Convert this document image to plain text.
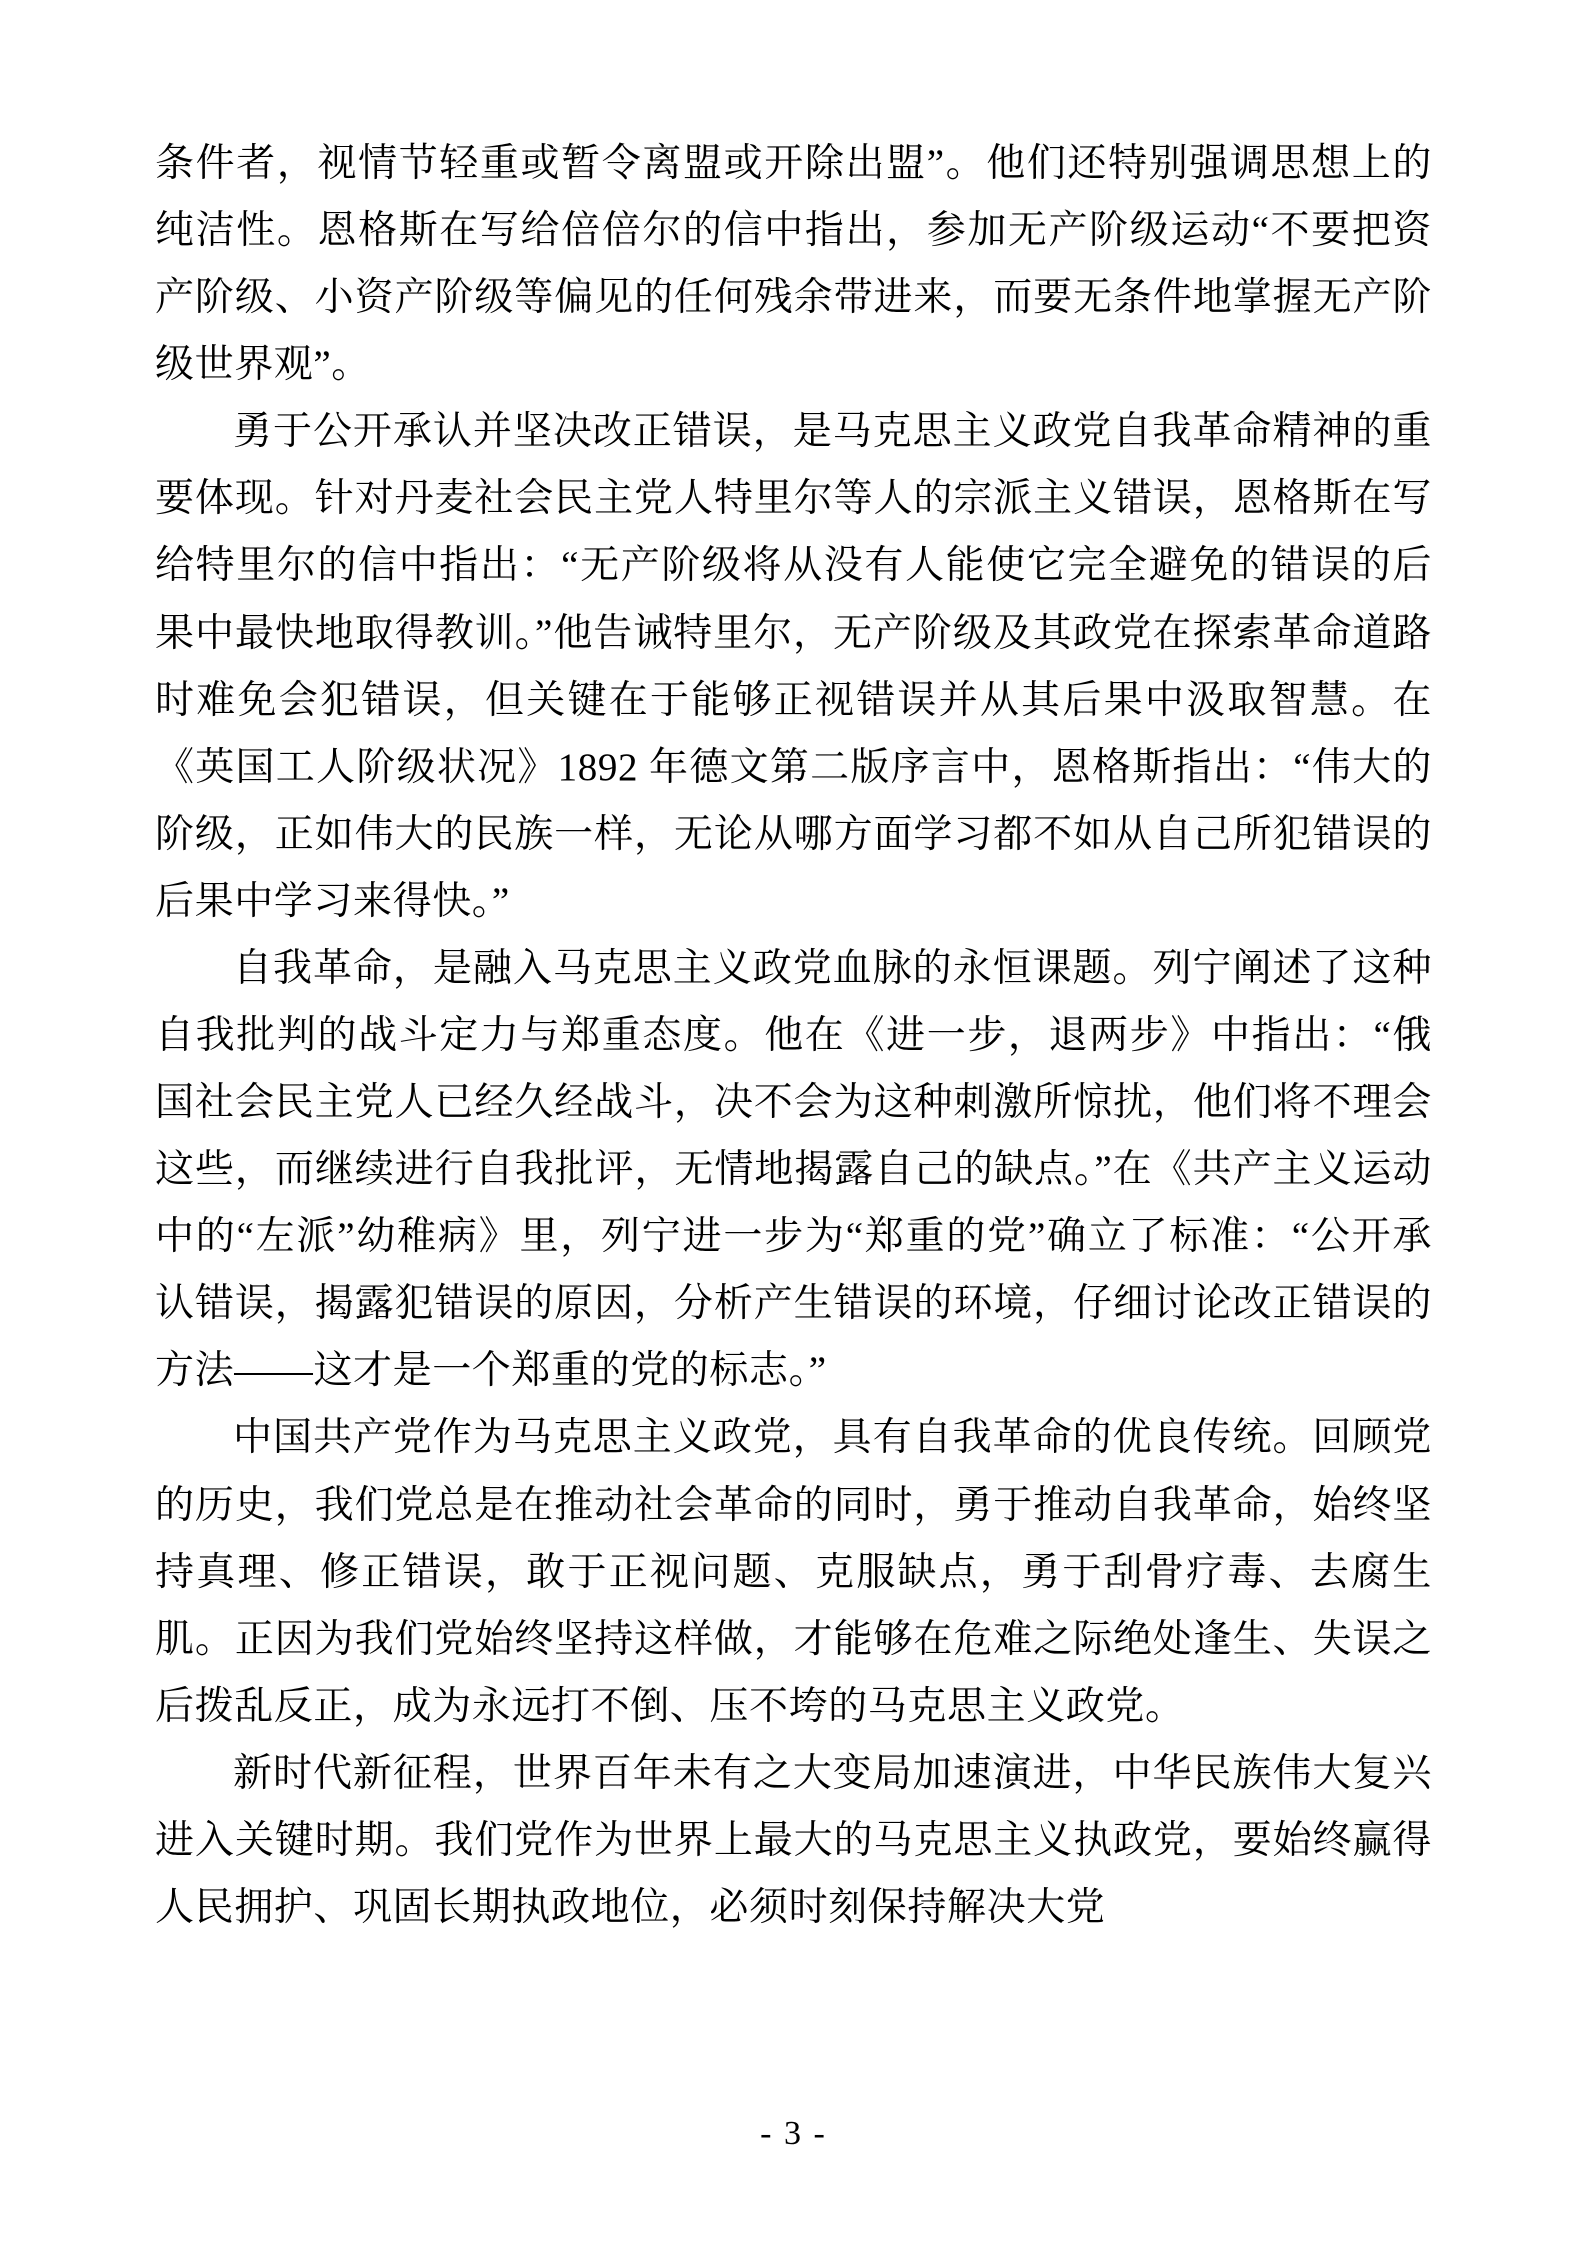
条件者，视情节轻重或暂令离盟或开除出盟”。他们还特别强调思想上的纯洁性。恩格斯在写给倍倍尔的信中指出，参加无产阶级运动“不要把资产阶级、小资产阶级等偏见的任何残余带进来，而要无条件地掌握无产阶级世界观”。

勇于公开承认并坚决改正错误，是马克思主义政党自我革命精神的重要体现。针对丹麦社会民主党人特里尔等人的宗派主义错误，恩格斯在写给特里尔的信中指出：“无产阶级将从没有人能使它完全避免的错误的后果中最快地取得教训。”他告诫特里尔，无产阶级及其政党在探索革命道路时难免会犯错误，但关键在于能够正视错误并从其后果中汲取智慧。在《英国工人阶级状况》1892 年德文第二版序言中，恩格斯指出：“伟大的阶级，正如伟大的民族一样，无论从哪方面学习都不如从自己所犯错误的后果中学习来得快。”

自我革命，是融入马克思主义政党血脉的永恒课题。列宁阐述了这种自我批判的战斗定力与郑重态度。他在《进一步，退两步》中指出：“俄国社会民主党人已经久经战斗，决不会为这种刺激所惊扰，他们将不理会这些，而继续进行自我批评，无情地揭露自己的缺点。”在《共产主义运动中的“左派”幼稚病》里，列宁进一步为“郑重的党”确立了标准：“公开承认错误，揭露犯错误的原因，分析产生错误的环境，仔细讨论改正错误的方法——这才是一个郑重的党的标志。”

中国共产党作为马克思主义政党，具有自我革命的优良传统。回顾党的历史，我们党总是在推动社会革命的同时，勇于推动自我革命，始终坚持真理、修正错误，敢于正视问题、克服缺点，勇于刮骨疗毒、去腐生肌。正因为我们党始终坚持这样做，才能够在危难之际绝处逢生、失误之后拨乱反正，成为永远打不倒、压不垮的马克思主义政党。

新时代新征程，世界百年未有之大变局加速演进，中华民族伟大复兴进入关键时期。我们党作为世界上最大的马克思主义执政党，要始终赢得人民拥护、巩固长期执政地位，必须时刻保持解决大党

- 3 -
